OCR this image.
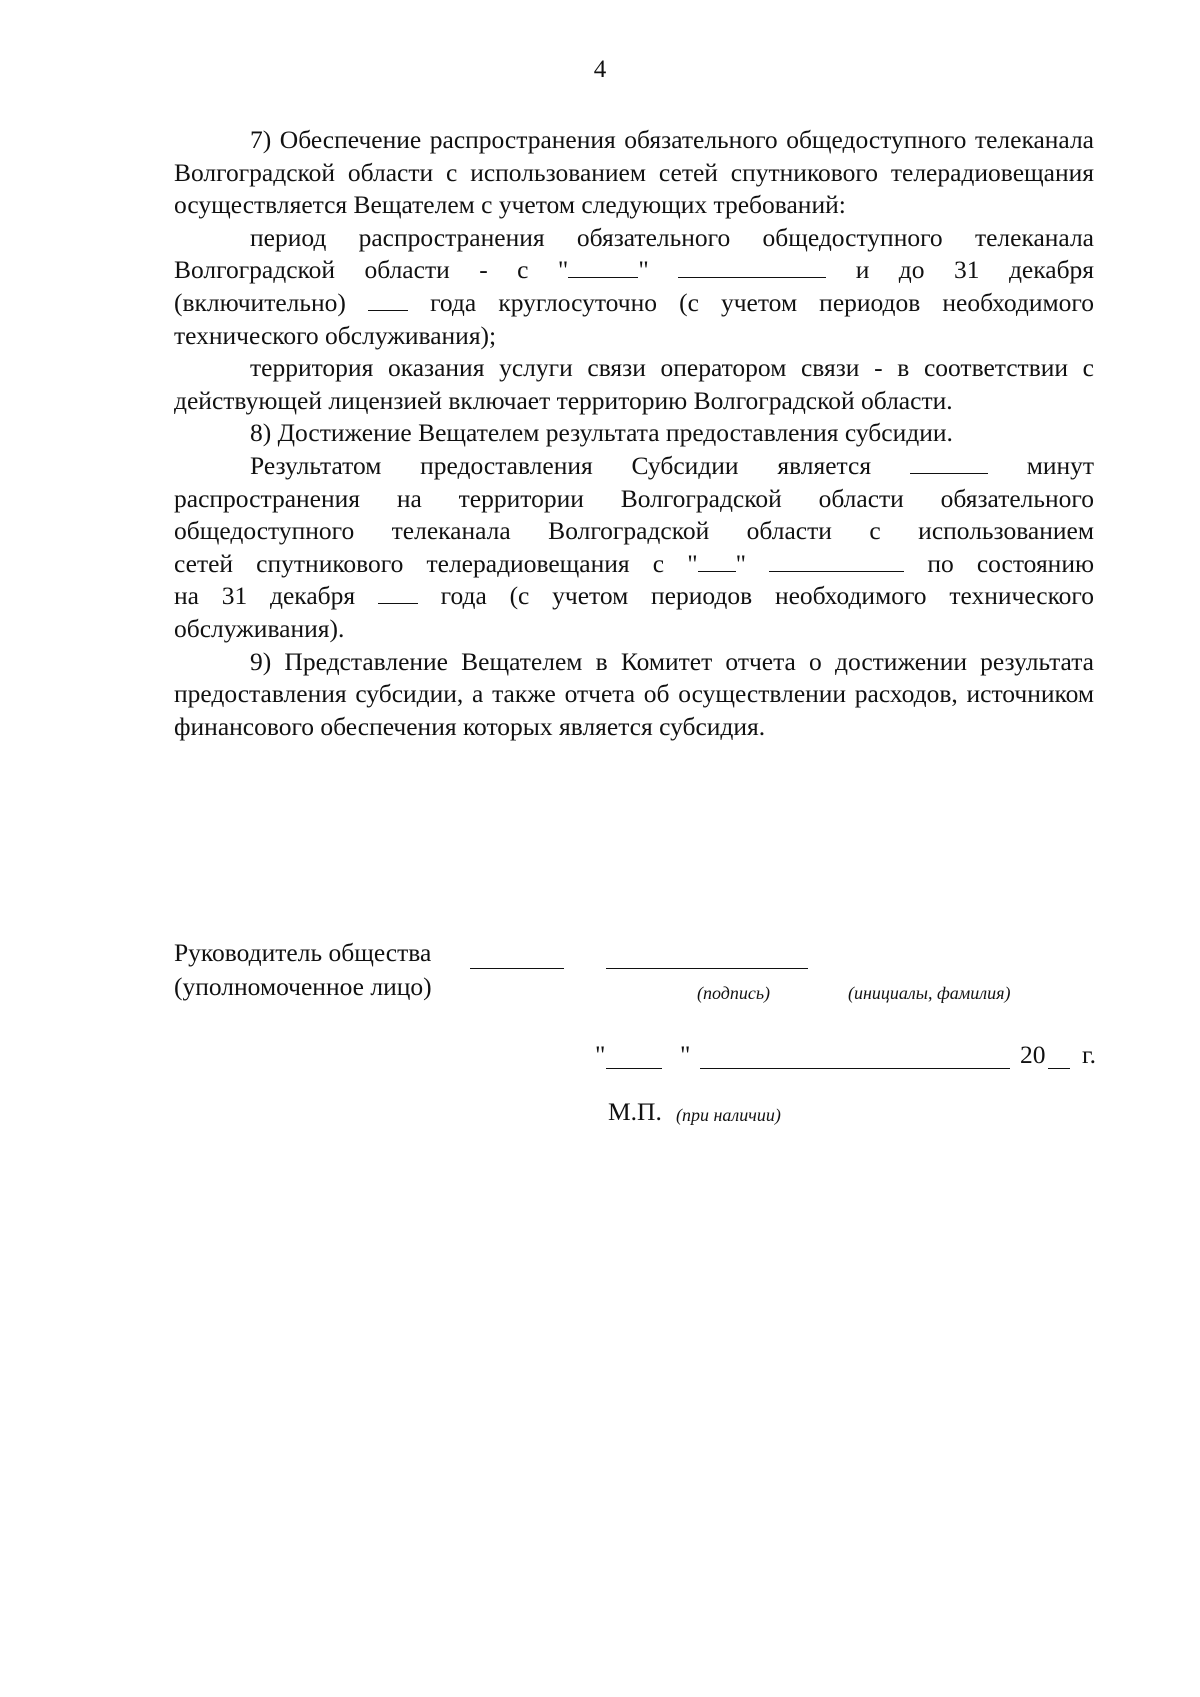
4

7) Обеспечение распространения обязательного общедоступного телеканала Волгоградской области с использованием сетей спутникового телерадиовещания осуществляется Вещателем с учетом следующих требований:

период распространения обязательного общедоступного телеканала

Волгоградской области - с "	"	и до 31 декабря

(включительно)	года круглосуточно (с учетом периодов необходимого технического обслуживания);

территория оказания услуги связи оператором связи - в соответствии с действующей лицензией включает территорию Волгоградской области.

8) Достижение Вещателем результата предоставления субсидии.

Результатом предоставления Субсидии является	минут

распространения на территории Волгоградской области обязательного общедоступного телеканала Волгоградской области с использованием

сетей спутникового телерадиовещания с " "	по состоянию

на 31 декабря	года (с учетом периодов необходимого технического обслуживания).

9) Представление Вещателем в Комитет отчета о достижении результата предоставления субсидии, а также отчета об осуществлении расходов, источником финансового обеспечения которых является субсидия.

Руководитель общества
(уполномоченное лицо)	(подпись)	(инициалы, фамилия)
"	"	20 г.
М.П. (при наличии)
